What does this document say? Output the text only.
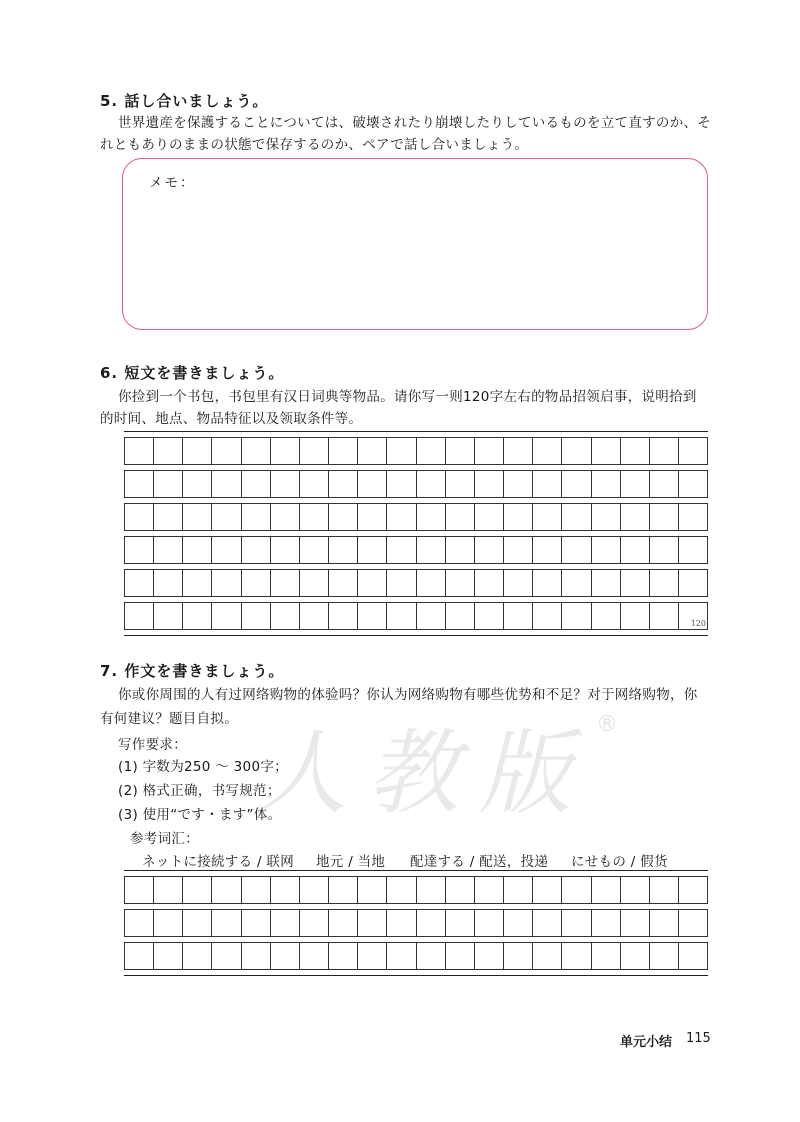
5. 話し合いましょう。
世界遺産を保護することについては、破壊されたり崩壊したりしているものを立て直すのか、そ
れともありのままの状態で保存するのか、ペアで話し合いましょう。
メモ：
6. 短文を書きましょう。
你捡到一个书包，书包里有汉日词典等物品。请你写一则120字左右的物品招领启事，说明拾到
的时间、地点、物品特征以及领取条件等。
120
7. 作文を書きましょう。
人教版 ®
你或你周围的人有过网络购物的体验吗？你认为网络购物有哪些优势和不足？对于网络购物，你
有何建议？题目自拟。
写作要求：
(1) 字数为250 ～ 300字；
(2) 格式正确，书写规范；
(3) 使用“です・ます”体。
参考词汇：
ネットに接続する / 联网 地元 / 当地 配達する / 配送，投递 にせもの / 假货
单元小结 115
